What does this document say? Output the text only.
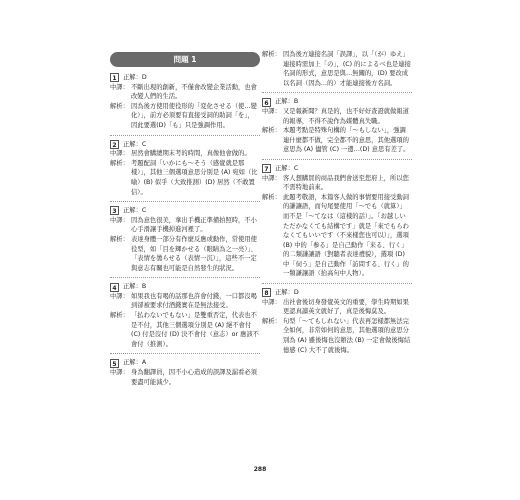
問題 1
1	正解：D
中譯： 不斷出現的創新，不僅會改變企業活動，也會改變人們的生活。
解析： 因為後方使用使役形的「変化させる（使…變化）」，前方必須要有直接受詞的助詞「を」，因此要選(D)「も」只是強調作用。
2	正解：C
中譯： 居然會購總期末考的時間，真像他會做的。
解析： 考題配詞「いかにも〜そう（感覺就是那樣）」，其他三個選項意思分別是 (A) 宛如（比喻）(B) 似乎（大致推測）(D) 居然（不敢置信）。
3	正解：C
中譯： 因為意色很美，拿出手機正準備拍照時，不小心手滑讓手機掉進河裡了。
解析： 表達身體一部分有作麼反應或動作，常使用使役型，如「目を輝かせる（眼睛為之一亮）」、「表情を曇らせる（表情一沉）」，這些不一定與意志有關也可能是自然發生的狀況。
4	正解：B
中譯： 如果我也有喝的話那也許會付錢，一口都沒喝到卻被要求付酒錢實在是無法接受。
解析： 「払わないでもない」是雙重否定，代表也不是不付，其他三個選項分別是 (A) 絕不會付 (C) 付是沒付 (D) 決不會付（意志）or 應該不會付（推測）。
5	正解：A
中譯： 身為翻譯員，因不小心造成的誤譯及漏看必須要盡可能減少。
解析： 因為後方連接名詞「誤譯」，以「（が）ゆえ」連接時需加上「の」，(C) 的によるべ也是連接名詞的形式，意思是與…無關的，(D) 要改成以名詞（因為…的）才能連接後方名詞。
6	正解：B
中譯： 又是報新聞？真是的，也不好好查證就做報道的報導，不得不說作為媒體真失職。
解析： 本題考點是特殊句構的「〜もしない」，強調連什麼都不做，完全都不的意思，其他選項的意思為 (A) 儘管 (C) 一邊…(D) 意思有差了。
7	正解：C
中譯： 客人想購買的商品我們會送至您府上，所以您不需特地前來。
解析： 此題考敬語，本篇客人做的事情要用接受動詞的謙讓語，而句尾要使用「〜でも（就算）」而不是「〜てなは（這樣的話）」。「お越しいただかなくても結構です」就是「來でもらわなくてもいいです（不來樣您也可以）」，選項 (B) 中的「参る」是自己動作「来る、行く」的二類謙讓語（對聽者表達禮貌），選項 (D) 中「伺う」是自己動作「訪問する、行く」的一類謙讓語（抬高句中人物）。
8	正解：D
中譯： 出社會後切身發覺英文的重要，學生時期如果更認真讀英文就好了，真是後悔莫及。
解析： 句型「〜てもしれない」代表再怎樣都無法完全如何，非常如何的意思，其他選項的意思分別為 (A) 雖後悔也沒辦法 (B) 一定會做後悔結德感 (C) 大不了就後悔。
288
